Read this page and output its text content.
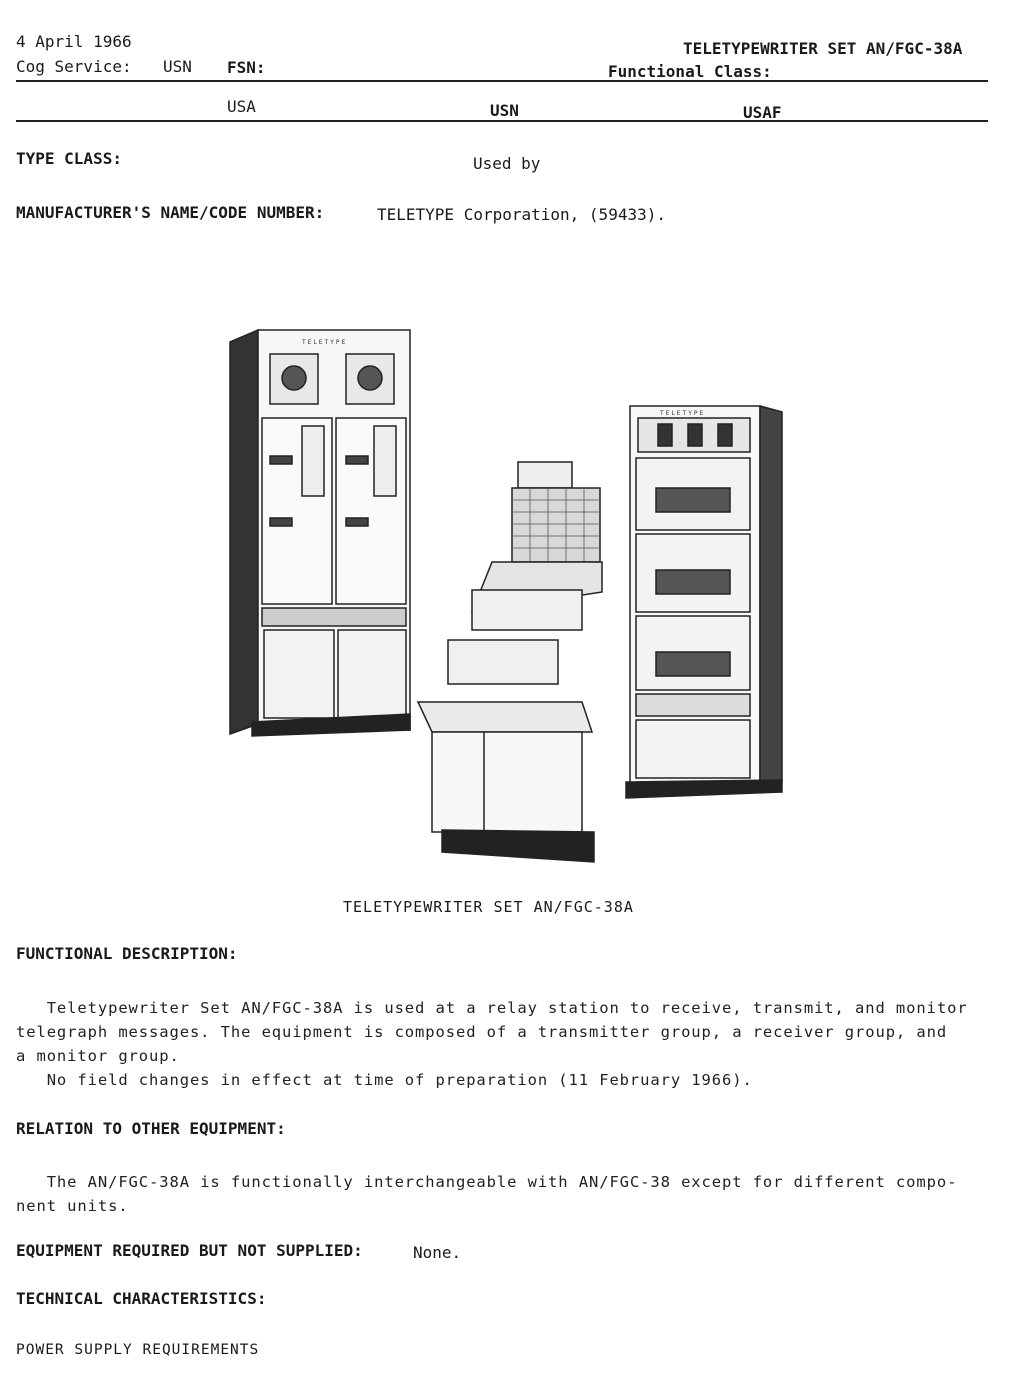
4 April 1966	TELETYPEWRITER SET AN/FGC-38A
Cog Service: USN FSN:	Functional Class:
USA	USN	USAF
TYPE CLASS:	Used by
MANUFACTURER'S NAME/CODE NUMBER:	TELETYPE Corporation, (59433).
TELETYPE
TELETYPE
TELETYPEWRITER SET AN/FGC-38A
FUNCTIONAL DESCRIPTION:
Teletypewriter Set AN/FGC-38A is used at a relay station to receive, transmit, and monitor
telegraph messages. The equipment is composed of a transmitter group, a receiver group, and
a monitor group.
No field changes in effect at time of preparation (11 February 1966).
RELATION TO OTHER EQUIPMENT:
The AN/FGC-38A is functionally interchangeable with AN/FGC-38 except for different compo-
nent units.
EQUIPMENT REQUIRED BUT NOT SUPPLIED:	None.
TECHNICAL CHARACTERISTICS:
POWER SUPPLY REQUIREMENTS
